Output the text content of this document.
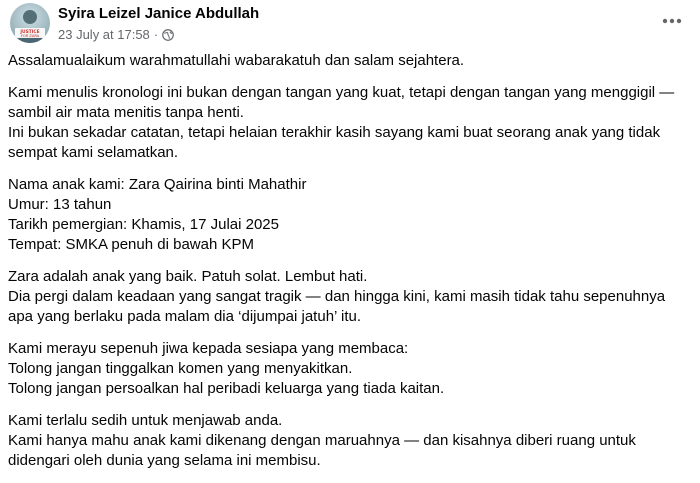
JUSTICE
FOR ZARA
Syira Leizel Janice Abdullah
23 July at 17:58 ·
Assalamualaikum warahmatullahi wabarakatuh dan salam sejahtera.
Kami menulis kronologi ini bukan dengan tangan yang kuat, tetapi dengan tangan yang menggigil —
sambil air mata menitis tanpa henti.
Ini bukan sekadar catatan, tetapi helaian terakhir kasih sayang kami buat seorang anak yang tidak
sempat kami selamatkan.
Nama anak kami: Zara Qairina binti Mahathir
Umur: 13 tahun
Tarikh pemergian: Khamis, 17 Julai 2025
Tempat: SMKA penuh di bawah KPM
Zara adalah anak yang baik. Patuh solat. Lembut hati.
Dia pergi dalam keadaan yang sangat tragik — dan hingga kini, kami masih tidak tahu sepenuhnya
apa yang berlaku pada malam dia ‘dijumpai jatuh’ itu.
Kami merayu sepenuh jiwa kepada sesiapa yang membaca:
Tolong jangan tinggalkan komen yang menyakitkan.
Tolong jangan persoalkan hal peribadi keluarga yang tiada kaitan.
Kami terlalu sedih untuk menjawab anda.
Kami hanya mahu anak kami dikenang dengan maruahnya — dan kisahnya diberi ruang untuk
didengari oleh dunia yang selama ini membisu.
